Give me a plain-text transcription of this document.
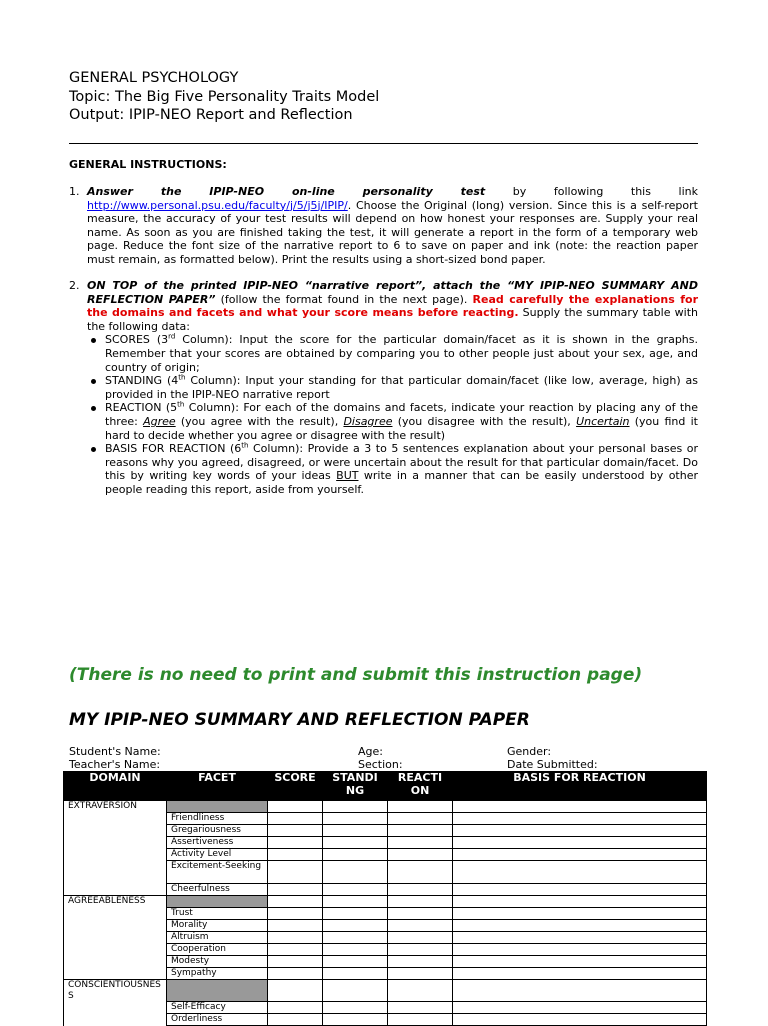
GENERAL PSYCHOLOGY
Topic: The Big Five Personality Traits Model
Output: IPIP-NEO Report and Reflection
GENERAL INSTRUCTIONS:
1. Answer the IPIP-NEO on-line personality test by following this link http://www.personal.psu.edu/faculty/j/5/j5j/IPIP/. Choose the Original (long) version. Since this is a self-report measure, the accuracy of your test results will depend on how honest your responses are. Supply your real name. As soon as you are finished taking the test, it will generate a report in the form of a temporary web page. Reduce the font size of the narrative report to 6 to save on paper and ink (note: the reaction paper must remain, as formatted below). Print the results using a short-sized bond paper.
2. ON TOP of the printed IPIP-NEO “narrative report”, attach the “MY IPIP-NEO SUMMARY AND REFLECTION PAPER” (follow the format found in the next page). Read carefully the explanations for the domains and facets and what your score means before reacting. Supply the summary table with the following data:
SCORES (3rd Column): Input the score for the particular domain/facet as it is shown in the graphs. Remember that your scores are obtained by comparing you to other people just about your sex, age, and country of origin;
STANDING (4th Column): Input your standing for that particular domain/facet (like low, average, high) as provided in the IPIP-NEO narrative report
REACTION (5th Column): For each of the domains and facets, indicate your reaction by placing any of the three: Agree (you agree with the result), Disagree (you disagree with the result), Uncertain (you find it hard to decide whether you agree or disagree with the result)
BASIS FOR REACTION (6th Column): Provide a 3 to 5 sentences explanation about your personal bases or reasons why you agreed, disagreed, or were uncertain about the result for that particular domain/facet. Do this by writing key words of your ideas BUT write in a manner that can be easily understood by other people reading this report, aside from yourself.
(There is no need to print and submit this instruction page)
MY IPIP-NEO SUMMARY AND REFLECTION PAPER
Student's Name:
Teacher's Name:
Age:
Section:
Gender:
Date Submitted:
DOMAIN	FACET	SCORE	STANDI NG	REACTI ON	BASIS FOR REACTION
EXTRAVERSION					
	Friendliness				
	Gregariousness				
	Assertiveness				
	Activity Level				
	Excitement-Seeking				
	Cheerfulness				
AGREEABLENESS					
	Trust				
	Morality				
	Altruism				
	Cooperation				
	Modesty				
	Sympathy				
CONSCIENTIOUSNESS					
	Self-Efficacy				
	Orderliness				
